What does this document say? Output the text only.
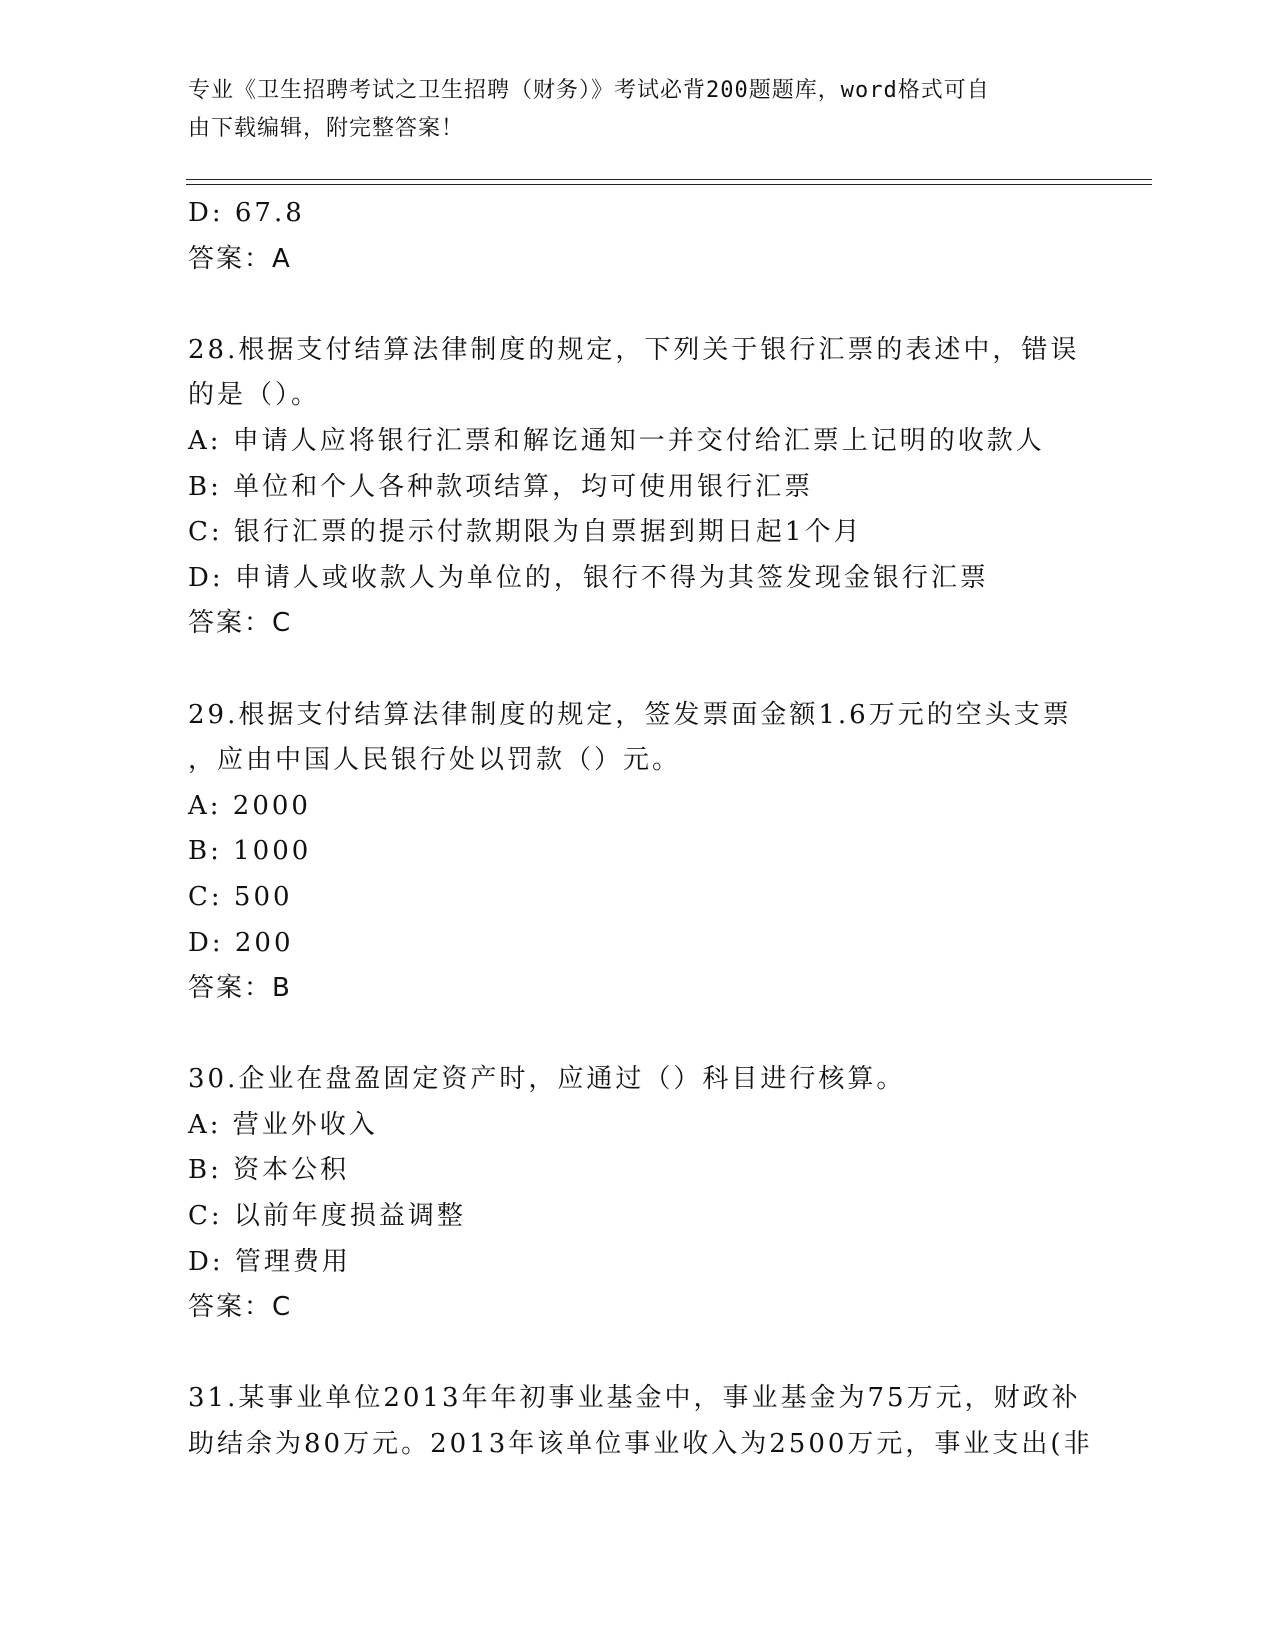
专业《卫生招聘考试之卫生招聘（财务）》考试必背200题题库，word格式可自
由下载编辑，附完整答案！
D: 67.8
答案：A
28.根据支付结算法律制度的规定，下列关于银行汇票的表述中，错误
的是（）。
A: 申请人应将银行汇票和解讫通知一并交付给汇票上记明的收款人
B: 单位和个人各种款项结算，均可使用银行汇票
C: 银行汇票的提示付款期限为自票据到期日起1个月
D: 申请人或收款人为单位的，银行不得为其签发现金银行汇票
答案：C
29.根据支付结算法律制度的规定，签发票面金额1.6万元的空头支票
，应由中国人民银行处以罚款（）元。
A: 2000
B: 1000
C: 500
D: 200
答案：B
30.企业在盘盈固定资产时，应通过（）科目进行核算。
A: 营业外收入
B: 资本公积
C: 以前年度损益调整
D: 管理费用
答案：C
31.某事业单位2013年年初事业基金中，事业基金为75万元，财政补
助结余为80万元。2013年该单位事业收入为2500万元，事业支出(非
